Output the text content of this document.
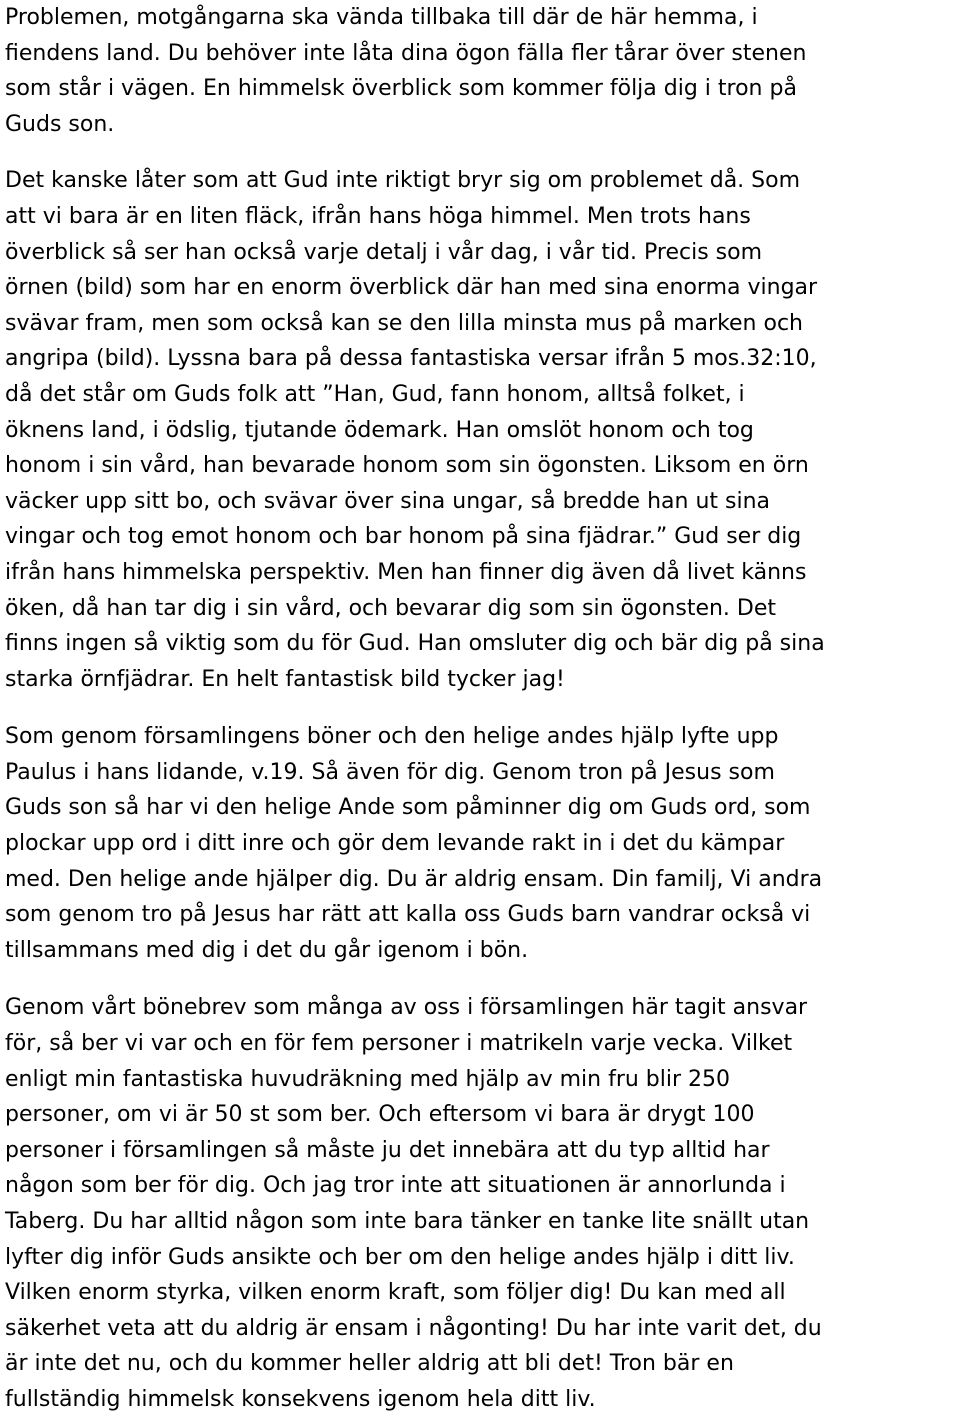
Problemen, motgångarna ska vända tillbaka till där de här hemma, i
fiendens land. Du behöver inte låta dina ögon fälla fler tårar över stenen
som står i vägen. En himmelsk överblick som kommer följa dig i tron på
Guds son.
Det kanske låter som att Gud inte riktigt bryr sig om problemet då. Som
att vi bara är en liten fläck, ifrån hans höga himmel. Men trots hans
överblick så ser han också varje detalj i vår dag, i vår tid. Precis som
örnen (bild) som har en enorm överblick där han med sina enorma vingar
svävar fram, men som också kan se den lilla minsta mus på marken och
angripa (bild). Lyssna bara på dessa fantastiska versar ifrån 5 mos.32:10,
då det står om Guds folk att ”Han, Gud, fann honom, alltså folket, i
öknens land, i ödslig, tjutande ödemark. Han omslöt honom och tog
honom i sin vård, han bevarade honom som sin ögonsten. Liksom en örn
väcker upp sitt bo, och svävar över sina ungar, så bredde han ut sina
vingar och tog emot honom och bar honom på sina fjädrar.” Gud ser dig
ifrån hans himmelska perspektiv. Men han finner dig även då livet känns
öken, då han tar dig i sin vård, och bevarar dig som sin ögonsten. Det
finns ingen så viktig som du för Gud. Han omsluter dig och bär dig på sina
starka örnfjädrar. En helt fantastisk bild tycker jag!
Som genom församlingens böner och den helige andes hjälp lyfte upp
Paulus i hans lidande, v.19. Så även för dig. Genom tron på Jesus som
Guds son så har vi den helige Ande som påminner dig om Guds ord, som
plockar upp ord i ditt inre och gör dem levande rakt in i det du kämpar
med. Den helige ande hjälper dig. Du är aldrig ensam. Din familj, Vi andra
som genom tro på Jesus har rätt att kalla oss Guds barn vandrar också vi
tillsammans med dig i det du går igenom i bön.
Genom vårt bönebrev som många av oss i församlingen här tagit ansvar
för, så ber vi var och en för fem personer i matrikeln varje vecka. Vilket
enligt min fantastiska huvudräkning med hjälp av min fru blir 250
personer, om vi är 50 st som ber. Och eftersom vi bara är drygt 100
personer i församlingen så måste ju det innebära att du typ alltid har
någon som ber för dig. Och jag tror inte att situationen är annorlunda i
Taberg. Du har alltid någon som inte bara tänker en tanke lite snällt utan
lyfter dig inför Guds ansikte och ber om den helige andes hjälp i ditt liv.
Vilken enorm styrka, vilken enorm kraft, som följer dig! Du kan med all
säkerhet veta att du aldrig är ensam i någonting! Du har inte varit det, du
är inte det nu, och du kommer heller aldrig att bli det! Tron bär en
fullständig himmelsk konsekvens igenom hela ditt liv.
